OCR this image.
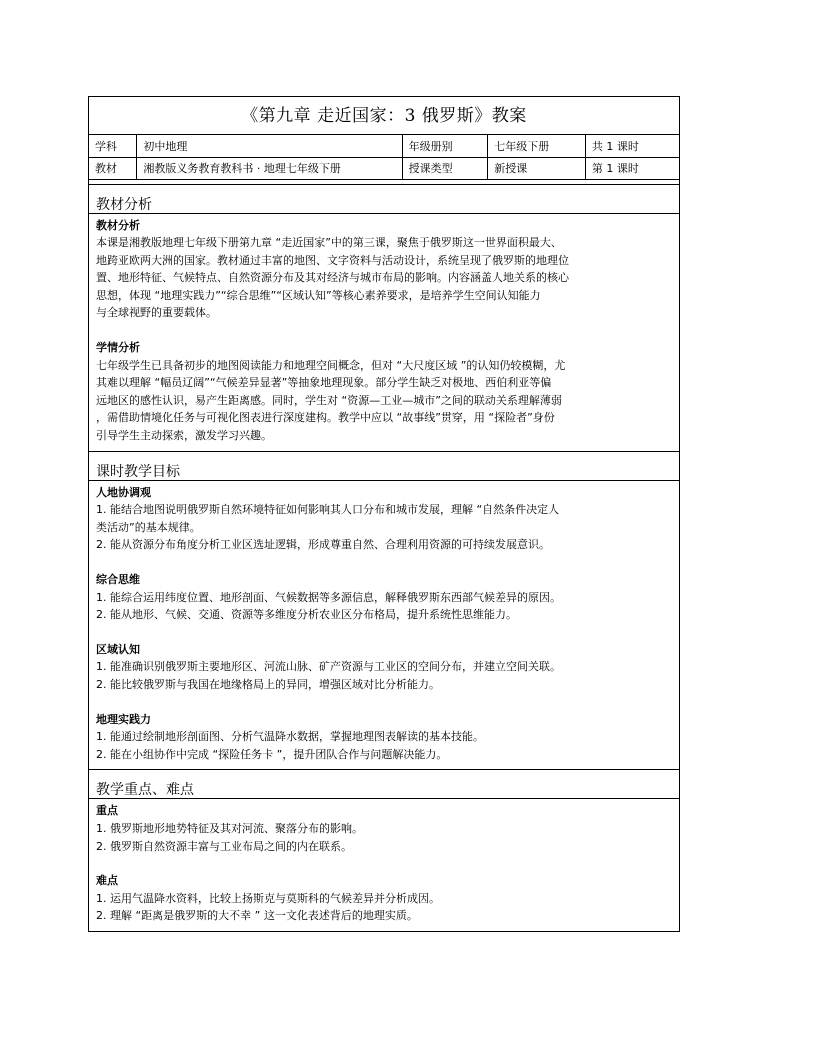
《第九章 走近国家：3 俄罗斯》教案
学科	初中地理	年级册别	七年级下册	共 1 课时
教材	湘教版义务教育教科书 · 地理七年级下册	授课类型	新授课	第 1 课时
教材分析
教材分析
本课是湘教版地理七年级下册第九章 “走近国家”中的第三课，聚焦于俄罗斯这一世界面积最大、
地跨亚欧两大洲的国家。教材通过丰富的地图、文字资料与活动设计，系统呈现了俄罗斯的地理位
置、地形特征、气候特点、自然资源分布及其对经济与城市布局的影响。内容涵盖人地关系的核心
思想，体现 “地理实践力”“综合思维”“区域认知”等核心素养要求，是培养学生空间认知能力
与全球视野的重要载体。
学情分析
七年级学生已具备初步的地图阅读能力和地理空间概念，但对 “大尺度区域 ”的认知仍较模糊，尤
其难以理解 “幅员辽阔”“气候差异显著”等抽象地理现象。部分学生缺乏对极地、西伯利亚等偏
远地区的感性认识，易产生距离感。同时，学生对 “资源—工业—城市”之间的联动关系理解薄弱
，需借助情境化任务与可视化图表进行深度建构。教学中应以 “故事线”贯穿，用 “探险者”身份
引导学生主动探索，激发学习兴趣。
课时教学目标
人地协调观
1. 能结合地图说明俄罗斯自然环境特征如何影响其人口分布和城市发展，理解 “自然条件决定人
类活动”的基本规律。
2. 能从资源分布角度分析工业区选址逻辑，形成尊重自然、合理利用资源的可持续发展意识。
综合思维
1. 能综合运用纬度位置、地形剖面、气候数据等多源信息，解释俄罗斯东西部气候差异的原因。
2. 能从地形、气候、交通、资源等多维度分析农业区分布格局，提升系统性思维能力。
区域认知
1. 能准确识别俄罗斯主要地形区、河流山脉、矿产资源与工业区的空间分布，并建立空间关联。
2. 能比较俄罗斯与我国在地缘格局上的异同，增强区域对比分析能力。
地理实践力
1. 能通过绘制地形剖面图、分析气温降水数据，掌握地理图表解读的基本技能。
2. 能在小组协作中完成 “探险任务卡 ”，提升团队合作与问题解决能力。
教学重点、难点
重点
1. 俄罗斯地形地势特征及其对河流、聚落分布的影响。
2. 俄罗斯自然资源丰富与工业布局之间的内在联系。
难点
1. 运用气温降水资料，比较上扬斯克与莫斯科的气候差异并分析成因。
2. 理解 “距离是俄罗斯的大不幸 ” 这一文化表述背后的地理实质。
